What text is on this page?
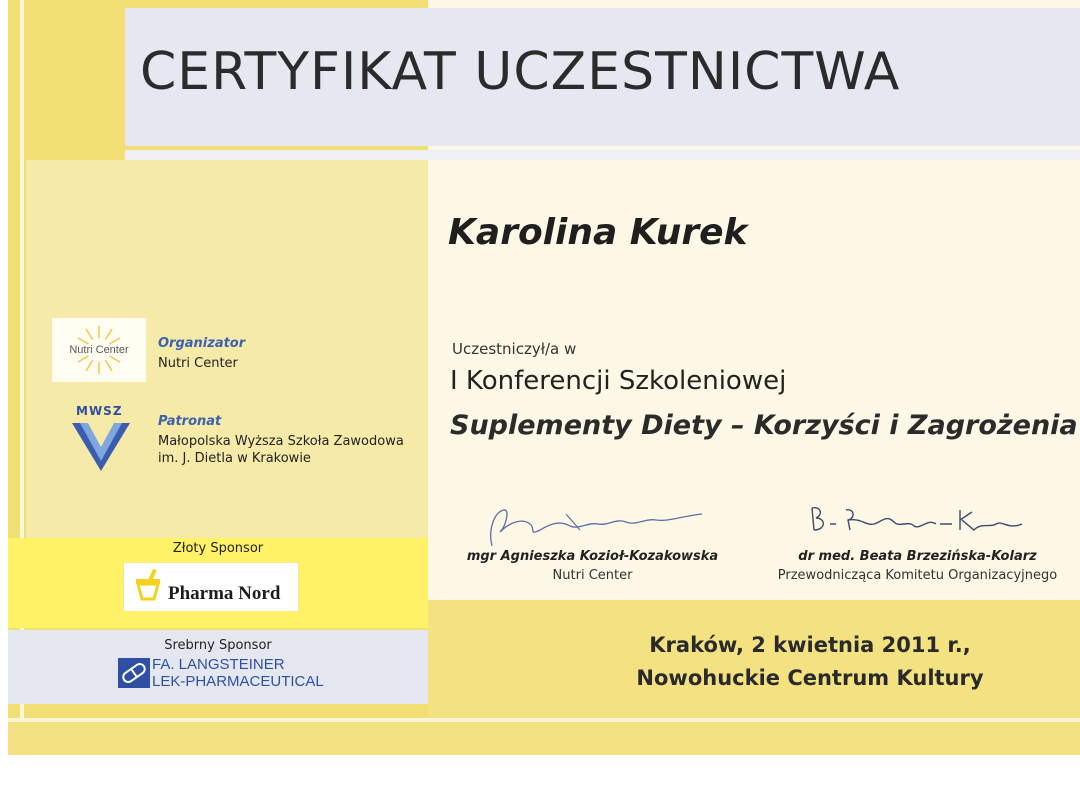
CERTYFIKAT UCZESTNICTWA
Karolina Kurek
Nutri Center Organizator
Nutri Center
MWSZ
Patronat
Małopolska Wyższa Szkoła Zawodowa
im. J. Dietla w Krakowie
Złoty Sponsor
Pharma Nord
Srebrny Sponsor
FA. LANGSTEINER
LEK-PHARMACEUTICAL
Uczestniczył/a w
I Konferencji Szkoleniowej
Suplementy Diety – Korzyści i Zagrożenia
mgr Agnieszka Kozioł-Kozakowska
Nutri Center
dr med. Beata Brzezińska-Kolarz
Przewodnicząca Komitetu Organizacyjnego
Kraków, 2 kwietnia 2011 r.,
Nowohuckie Centrum Kultury
